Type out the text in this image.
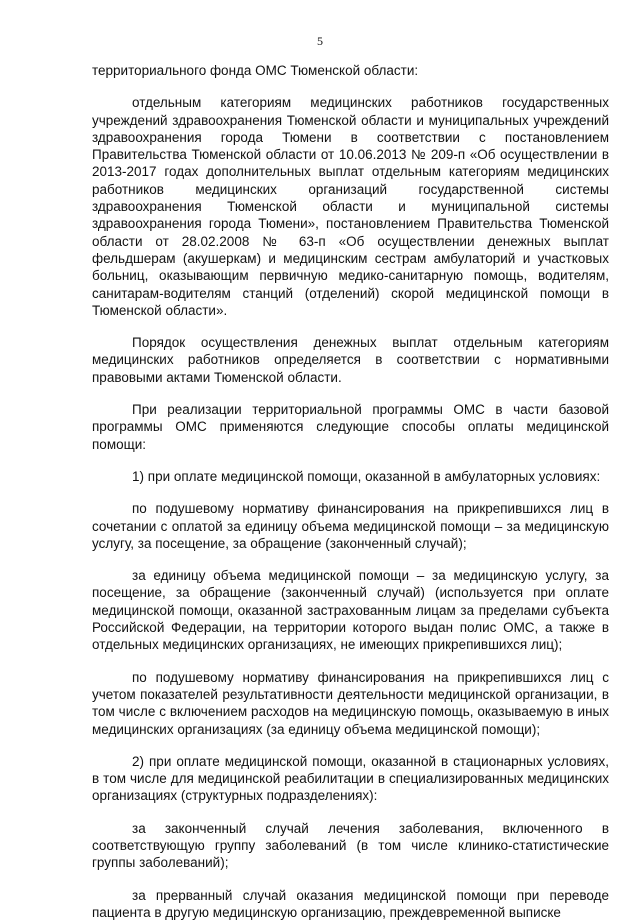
5

территориального фонда ОМС Тюменской области:

отдельным категориям медицинских работников государственных учреждений здравоохранения Тюменской области и муниципальных учреждений здравоохранения города Тюмени в соответствии с постановлением Правительства Тюменской области от 10.06.2013 № 209-п «Об осуществлении в 2013-2017 годах дополнительных выплат отдельным категориям медицинских работников медицинских организаций государственной системы здравоохранения Тюменской области и муниципальной системы здравоохранения города Тюмени», постановлением Правительства Тюменской области от 28.02.2008 № 63-п «Об осуществлении денежных выплат фельдшерам (акушеркам) и медицинским сестрам амбулаторий и участковых больниц, оказывающим первичную медико-санитарную помощь, водителям, санитарам-водителям станций (отделений) скорой медицинской помощи в Тюменской области».

Порядок осуществления денежных выплат отдельным категориям медицинских работников определяется в соответствии с нормативными правовыми актами Тюменской области.

При реализации территориальной программы ОМС в части базовой программы ОМС применяются следующие способы оплаты медицинской помощи:

1) при оплате медицинской помощи, оказанной в амбулаторных условиях:

по подушевому нормативу финансирования на прикрепившихся лиц в сочетании с оплатой за единицу объема медицинской помощи – за медицинскую услугу, за посещение, за обращение (законченный случай);

за единицу объема медицинской помощи – за медицинскую услугу, за посещение, за обращение (законченный случай) (используется при оплате медицинской помощи, оказанной застрахованным лицам за пределами субъекта Российской Федерации, на территории которого выдан полис ОМС, а также в отдельных медицинских организациях, не имеющих прикрепившихся лиц);

по подушевому нормативу финансирования на прикрепившихся лиц с учетом показателей результативности деятельности медицинской организации, в том числе с включением расходов на медицинскую помощь, оказываемую в иных медицинских организациях (за единицу объема медицинской помощи);

2) при оплате медицинской помощи, оказанной в стационарных условиях, в том числе для медицинской реабилитации в специализированных медицинских организациях (структурных подразделениях):

за законченный случай лечения заболевания, включенного в соответствующую группу заболеваний (в том числе клинико-статистические группы заболеваний);

за прерванный случай оказания медицинской помощи при переводе пациента в другую медицинскую организацию, преждевременной выписке
